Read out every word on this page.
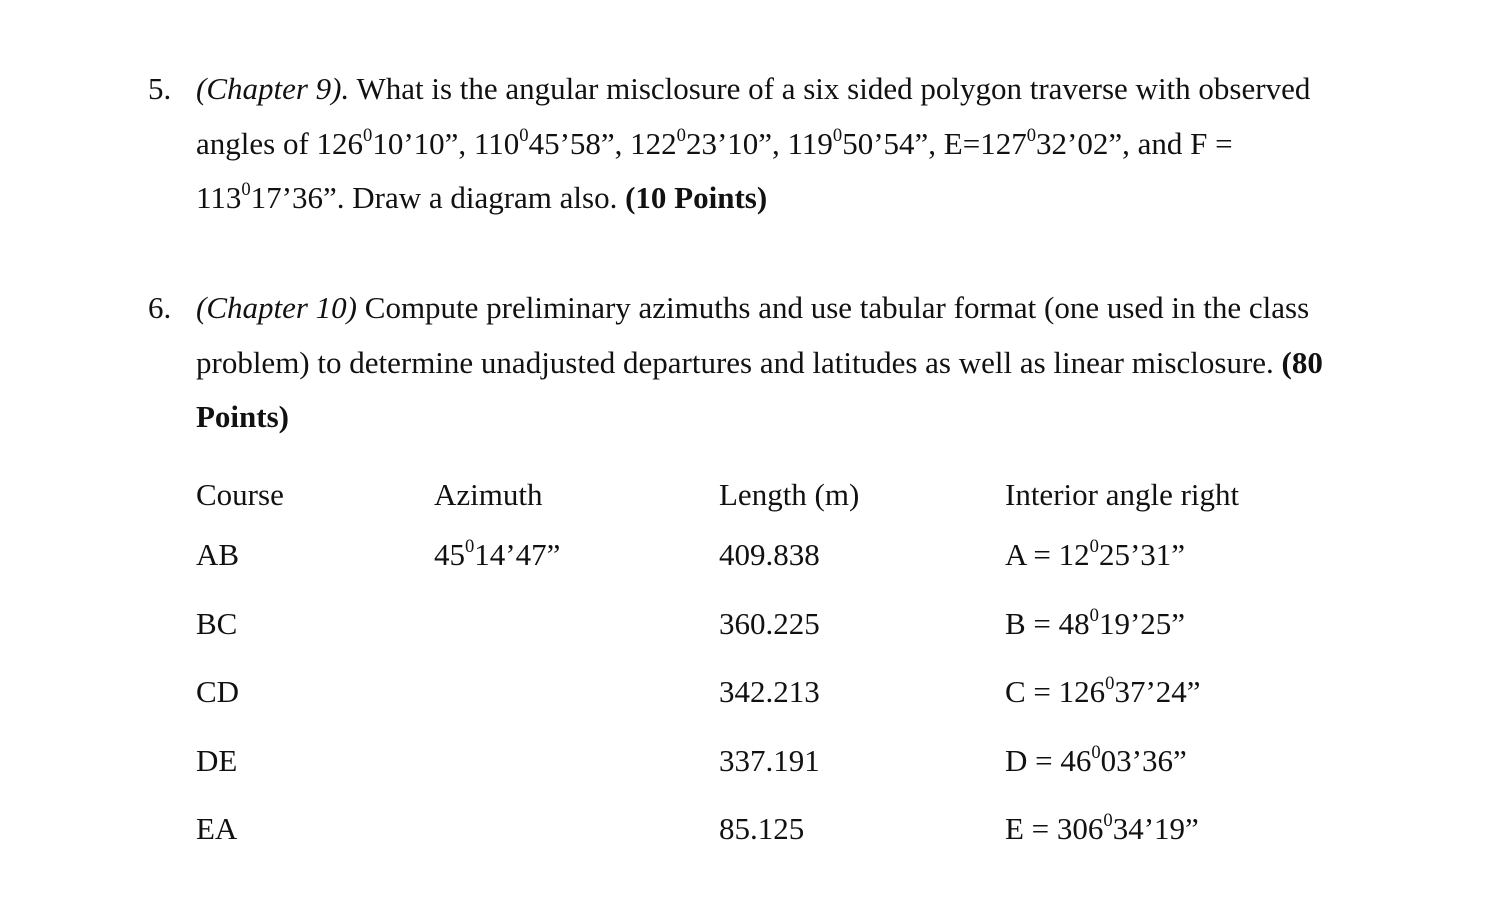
5. (Chapter 9). What is the angular misclosure of a six sided polygon traverse with observed
angles of $126^010’10$”, $110^045’58$”, $122^023’10$”, $119^050’54$”, $E=127^032’02$”, and F =
$113^017’36$”. Draw a diagram also. (10 Points)
6. (Chapter 10) Compute preliminary azimuths and use tabular format (one used in the class
problem) to determine unadjusted departures and latitudes as well as linear misclosure. (80
Points)
Course	Azimuth	Length (m)	Interior angle right
AB	$45^014’47$”	409.838	$A = 12^025’31$”
BC		360.225	$B = 48^019’25$”
CD		342.213	$C = 126^037’24$”
DE		337.191	$D = 46^003’36$”
EA		85.125	$E = 306^034’19$”
